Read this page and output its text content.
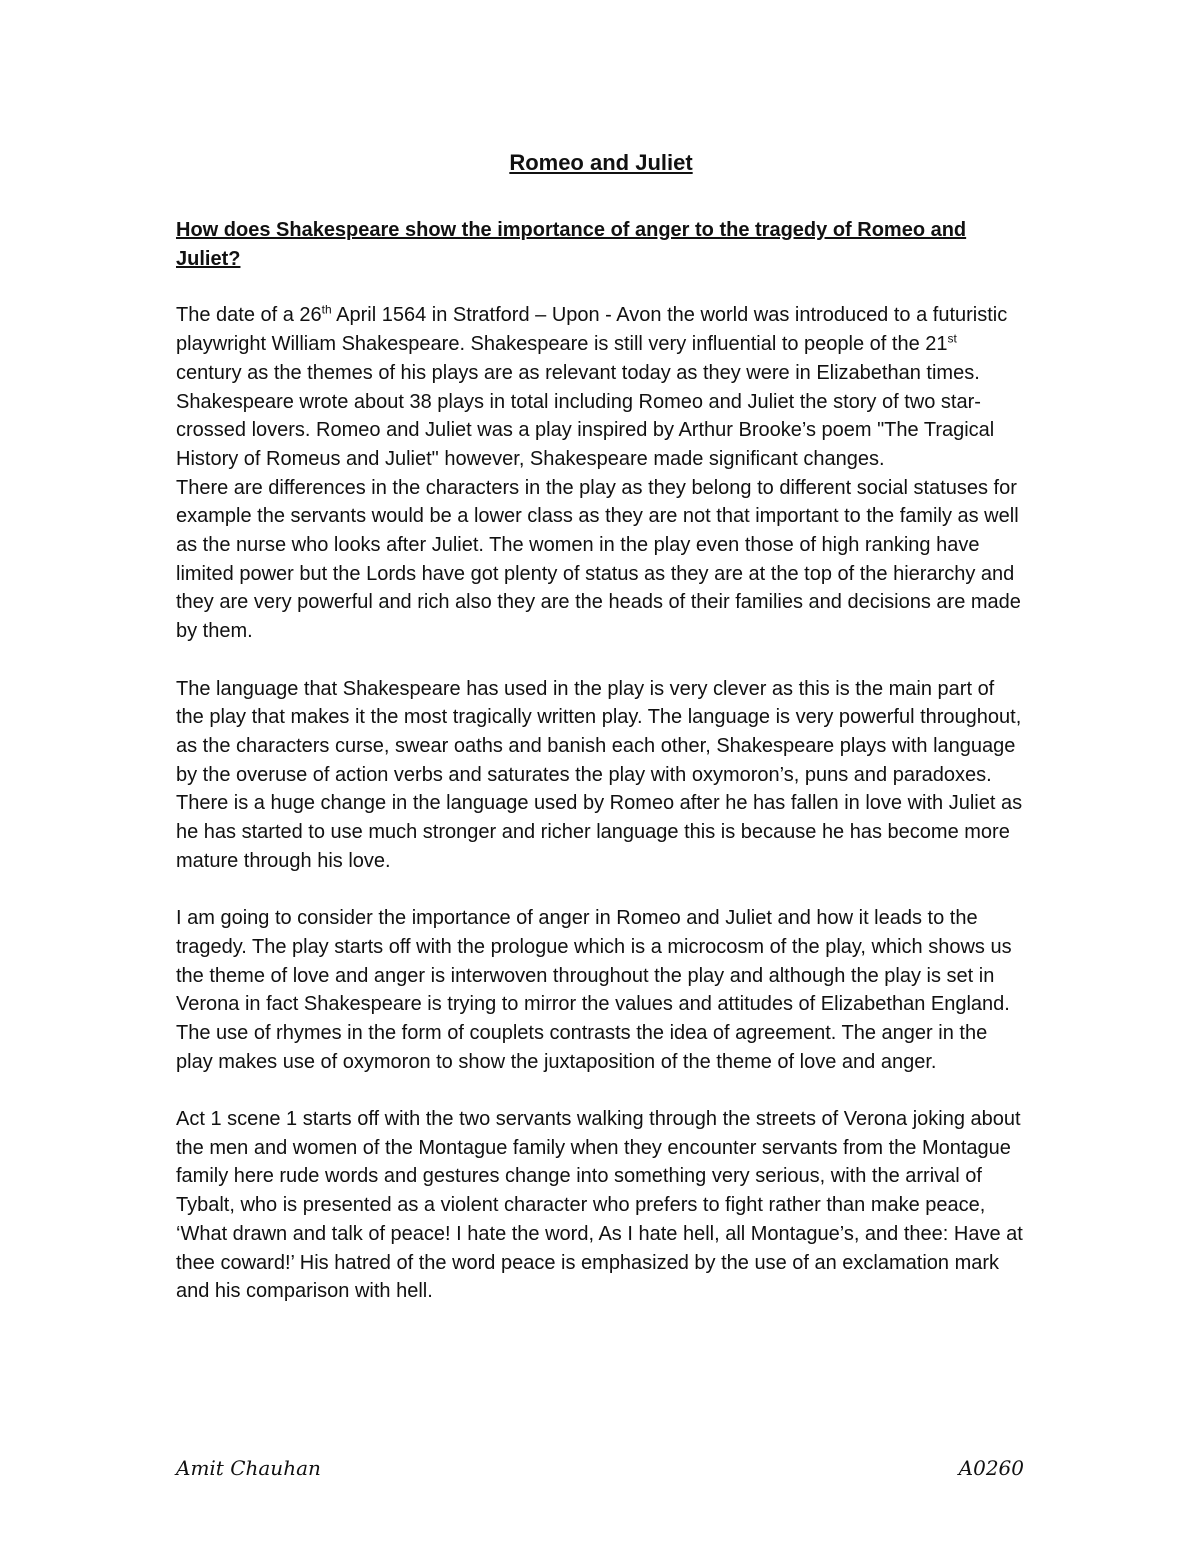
Romeo and Juliet
How does Shakespeare show the importance of anger to the tragedy of Romeo and Juliet?

The date of a 26th April 1564 in Stratford – Upon - Avon the world was introduced to a futuristic playwright William Shakespeare. Shakespeare is still very influential to people of the 21st century as the themes of his plays are as relevant today as they were in Elizabethan times. Shakespeare wrote about 38 plays in total including Romeo and Juliet the story of two star-crossed lovers. Romeo and Juliet was a play inspired by Arthur Brooke’s poem "The Tragical History of Romeus and Juliet" however, Shakespeare made significant changes.

There are differences in the characters in the play as they belong to different social statuses for example the servants would be a lower class as they are not that important to the family as well as the nurse who looks after Juliet. The women in the play even those of high ranking have limited power but the Lords have got plenty of status as they are at the top of the hierarchy and they are very powerful and rich also they are the heads of their families and decisions are made by them.

The language that Shakespeare has used in the play is very clever as this is the main part of the play that makes it the most tragically written play. The language is very powerful throughout, as the characters curse, swear oaths and banish each other, Shakespeare plays with language by the overuse of action verbs and saturates the play with oxymoron’s, puns and paradoxes. There is a huge change in the language used by Romeo after he has fallen in love with Juliet as he has started to use much stronger and richer language this is because he has become more mature through his love.

I am going to consider the importance of anger in Romeo and Juliet and how it leads to the tragedy. The play starts off with the prologue which is a microcosm of the play, which shows us the theme of love and anger is interwoven throughout the play and although the play is set in Verona in fact Shakespeare is trying to mirror the values and attitudes of Elizabethan England. The use of rhymes in the form of couplets contrasts the idea of agreement. The anger in the play makes use of oxymoron to show the juxtaposition of the theme of love and anger.

Act 1 scene 1 starts off with the two servants walking through the streets of Verona joking about the men and women of the Montague family when they encounter servants from the Montague family here rude words and gestures change into something very serious, with the arrival of Tybalt, who is presented as a violent character who prefers to fight rather than make peace, ‘What drawn and talk of peace! I hate the word, As I hate hell, all Montague’s, and thee: Have at thee coward!’ His hatred of the word peace is emphasized by the use of an exclamation mark and his comparison with hell.

Amit Chauhan	A0260
